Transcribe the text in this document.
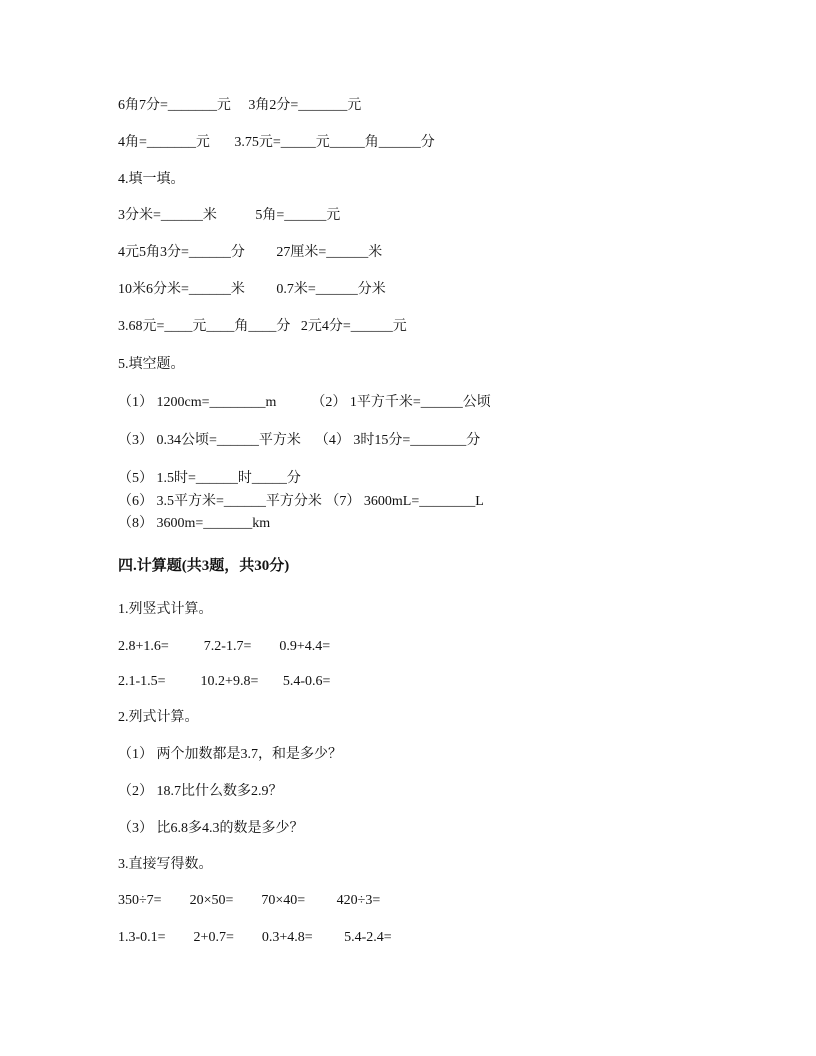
6角7分=_______元     3角2分=_______元
4角=_______元       3.75元=_____元_____角______分
4.填一填。
3分米=______米           5角=______元
4元5角3分=______分         27厘米=______米
10米6分米=______米         0.7米=______分米
3.68元=____元____角____分   2元4分=______元
5.填空题。
（1） 1200cm=________m          （2） 1平方千米=______公顷
（3） 0.34公顷=______平方米    （4） 3时15分=________分
（5） 1.5时=______时_____分
（6） 3.5平方米=______平方分米 （7） 3600mL=________L
（8） 3600m=_______km
四.计算题(共3题，共30分)
1.列竖式计算。
2.8+1.6=          7.2-1.7=        0.9+4.4=
2.1-1.5=          10.2+9.8=       5.4-0.6=
2.列式计算。
（1） 两个加数都是3.7，和是多少？
（2） 18.7比什么数多2.9？
（3） 比6.8多4.3的数是多少？
3.直接写得数。
350÷7=        20×50=        70×40=         420÷3=
1.3-0.1=        2+0.7=        0.3+4.8=         5.4-2.4=
